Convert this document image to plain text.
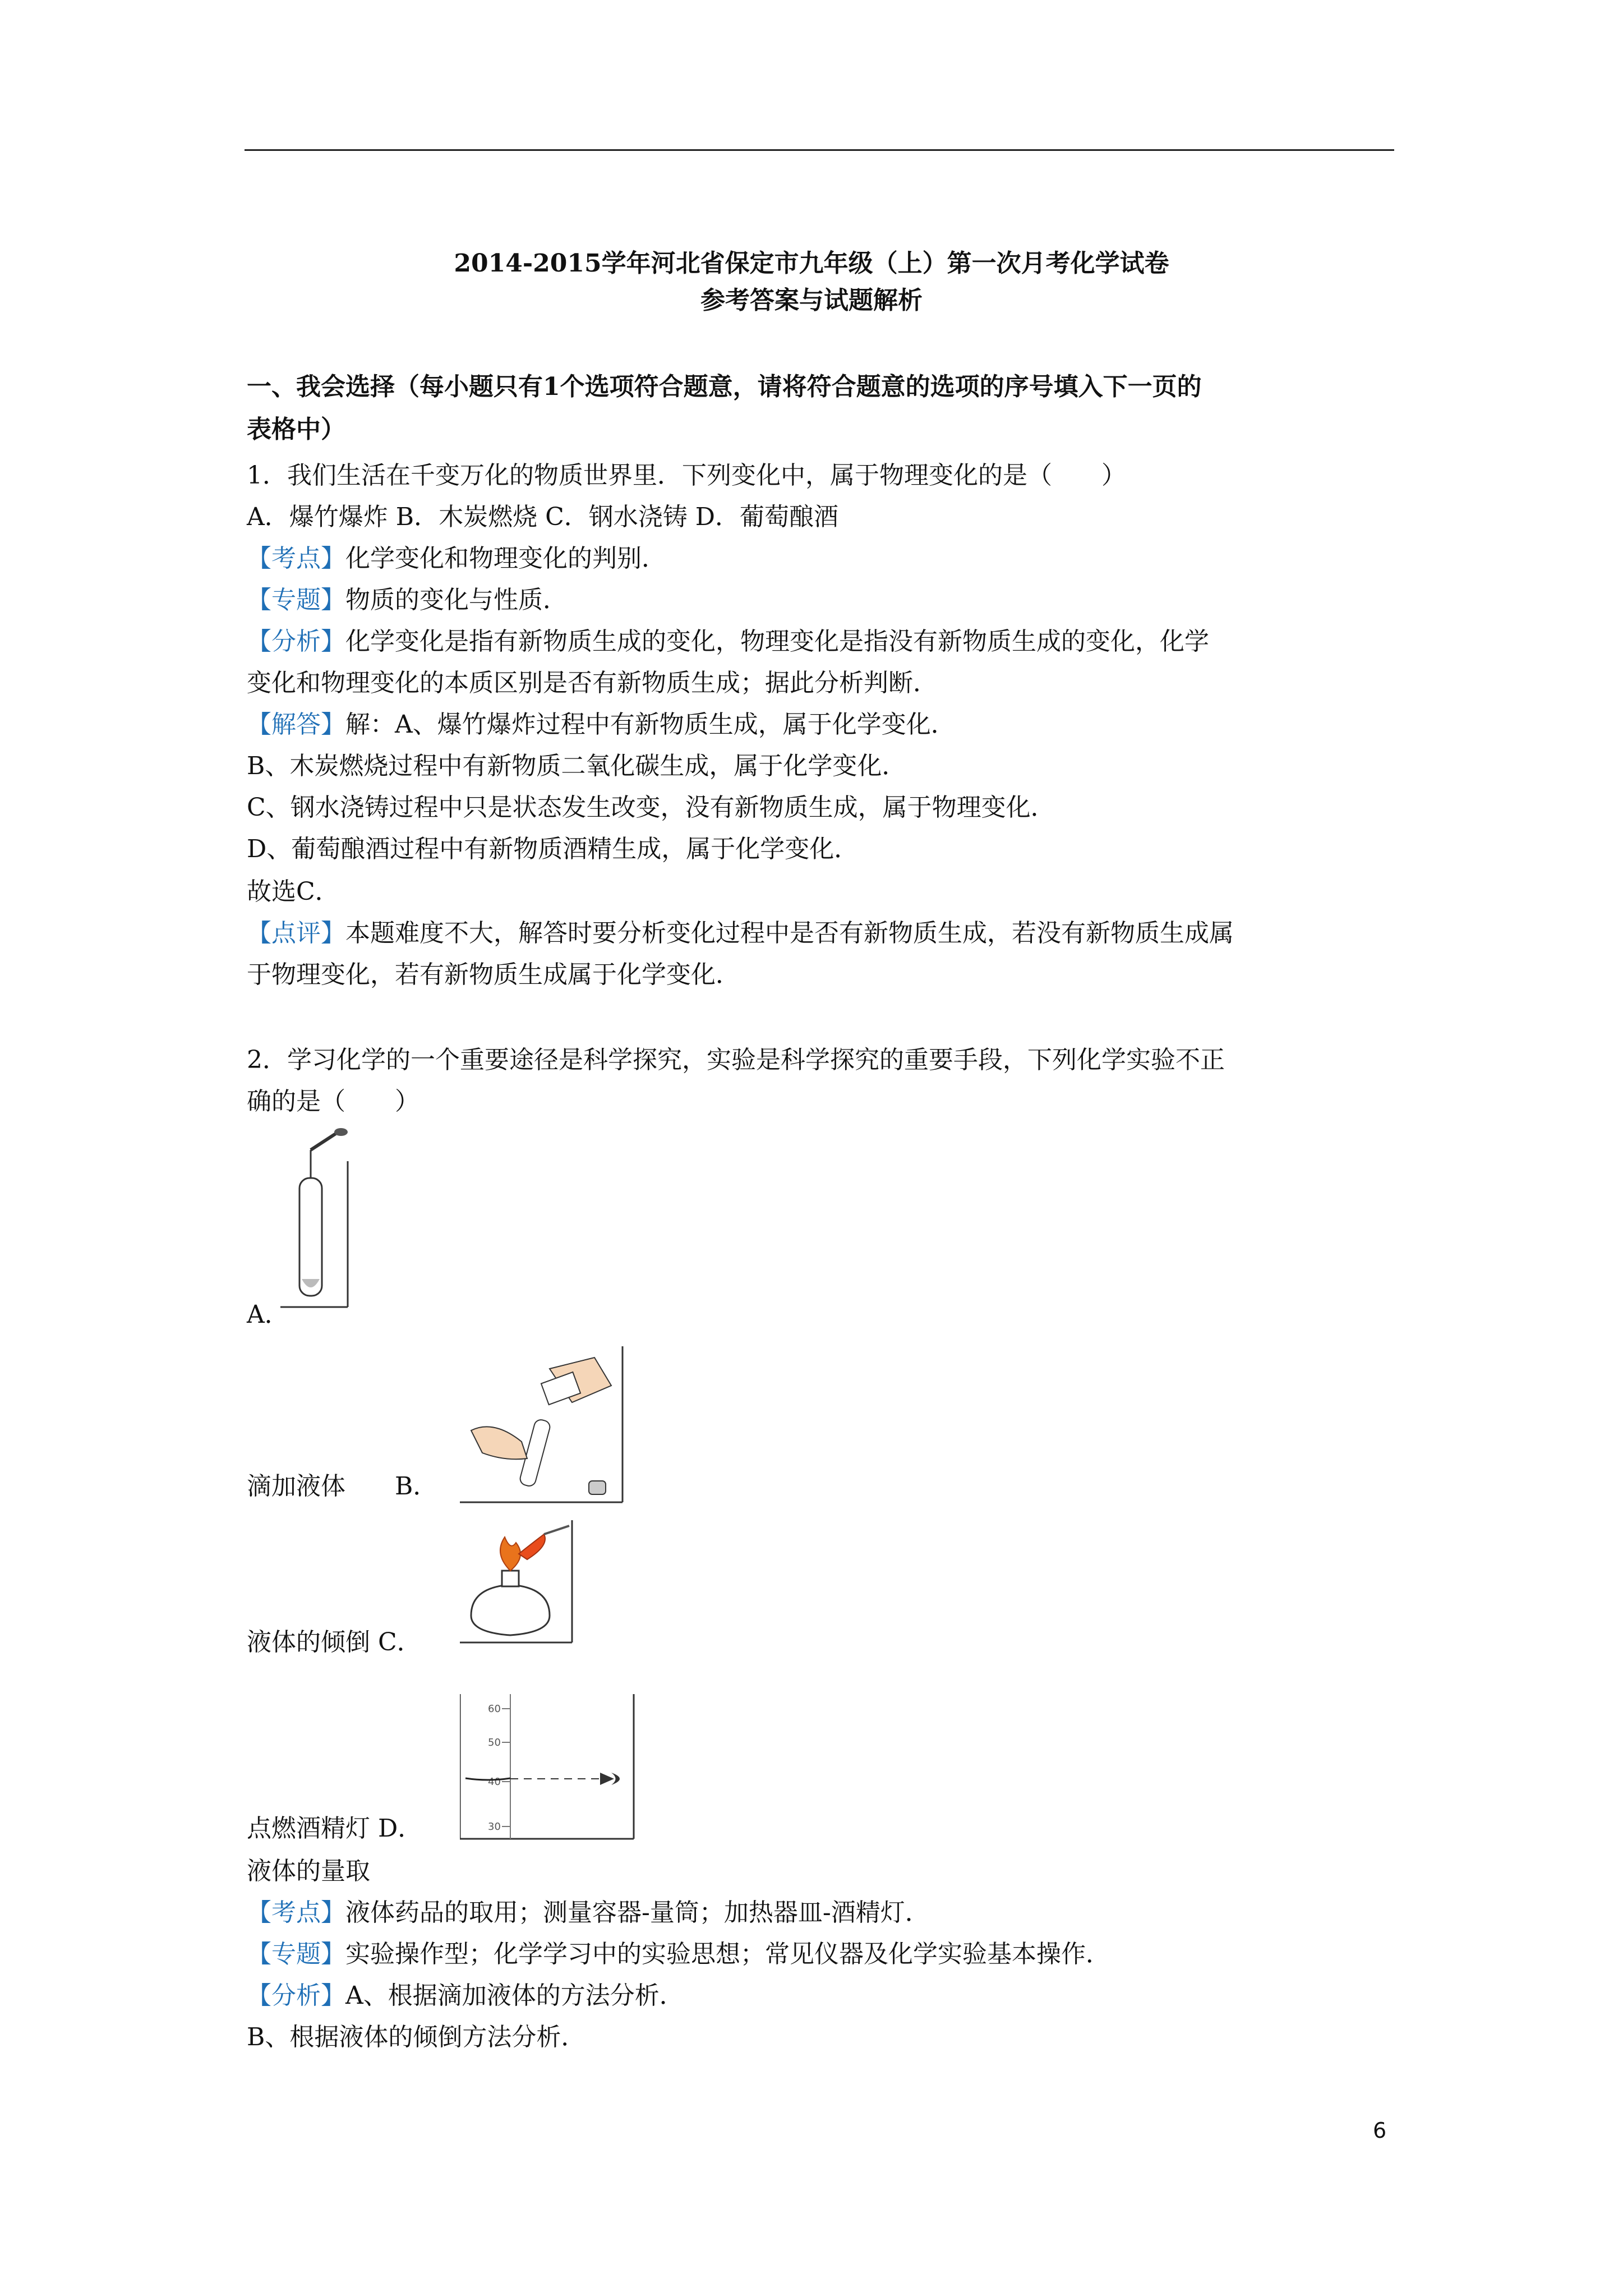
2014-2015学年河北省保定市九年级（上）第一次月考化学试卷
参考答案与试题解析
一、我会选择（每小题只有1个选项符合题意，请将符合题意的选项的序号填入下一页的
表格中）
1．我们生活在千变万化的物质世界里．下列变化中，属于物理变化的是（　　）
A．爆竹爆炸 B．木炭燃烧 C．钢水浇铸 D．葡萄酿酒
【考点】化学变化和物理变化的判别．
【专题】物质的变化与性质．
【分析】化学变化是指有新物质生成的变化，物理变化是指没有新物质生成的变化，化学
变化和物理变化的本质区别是否有新物质生成；据此分析判断．
【解答】解：A、爆竹爆炸过程中有新物质生成，属于化学变化．
B、木炭燃烧过程中有新物质二氧化碳生成，属于化学变化．
C、钢水浇铸过程中只是状态发生改变，没有新物质生成，属于物理变化．
D、葡萄酿酒过程中有新物质酒精生成，属于化学变化．
故选C．
【点评】本题难度不大，解答时要分析变化过程中是否有新物质生成，若没有新物质生成属
于物理变化，若有新物质生成属于化学变化．
2．学习化学的一个重要途径是科学探究，实验是科学探究的重要手段，下列化学实验不正
确的是（　　）
A．
滴加液体　　B．
液体的倾倒 C．
60
50
40
30
点燃酒精灯 D．
液体的量取
【考点】液体药品的取用；测量容器-量筒；加热器皿-酒精灯．
【专题】实验操作型；化学学习中的实验思想；常见仪器及化学实验基本操作．
【分析】A、根据滴加液体的方法分析．
B、根据液体的倾倒方法分析．
6
